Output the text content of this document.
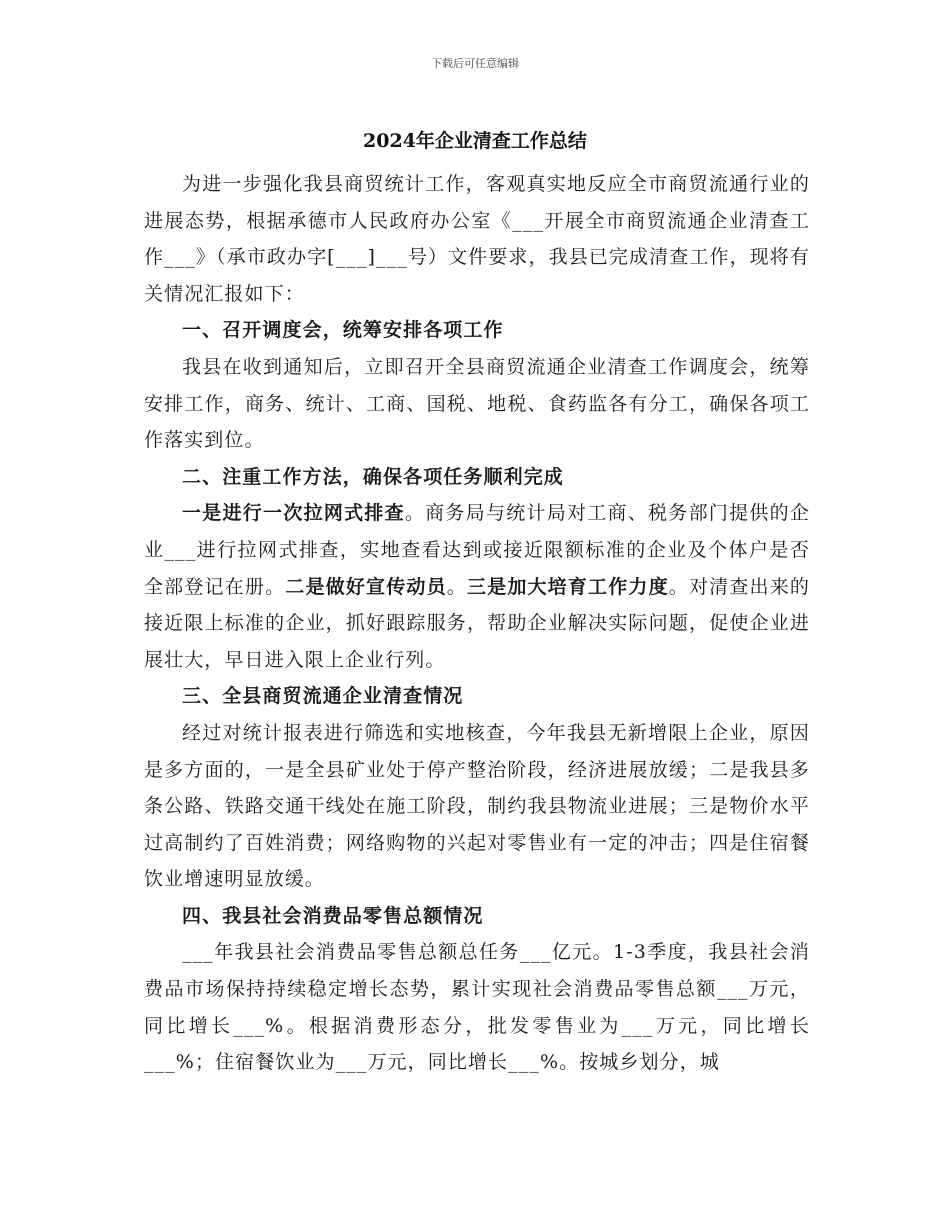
下载后可任意编辑
2024年企业清查工作总结

为进一步强化我县商贸统计工作，客观真实地反应全市商贸流通行业的进展态势，根据承德市人民政府办公室《___开展全市商贸流通企业清查工作___》（承市政办字[___]___号）文件要求，我县已完成清查工作，现将有关情况汇报如下：

一、召开调度会，统筹安排各项工作

我县在收到通知后，立即召开全县商贸流通企业清查工作调度会，统筹安排工作，商务、统计、工商、国税、地税、食药监各有分工，确保各项工作落实到位。

二、注重工作方法，确保各项任务顺利完成

一是进行一次拉网式排查。商务局与统计局对工商、税务部门提供的企业___进行拉网式排查，实地查看达到或接近限额标准的企业及个体户是否全部登记在册。二是做好宣传动员。三是加大培育工作力度。对清查出来的接近限上标准的企业，抓好跟踪服务，帮助企业解决实际问题，促使企业进展壮大，早日进入限上企业行列。

三、全县商贸流通企业清查情况

经过对统计报表进行筛选和实地核查，今年我县无新增限上企业，原因是多方面的，一是全县矿业处于停产整治阶段，经济进展放缓；二是我县多条公路、铁路交通干线处在施工阶段，制约我县物流业进展；三是物价水平过高制约了百姓消费；网络购物的兴起对零售业有一定的冲击；四是住宿餐饮业增速明显放缓。

四、我县社会消费品零售总额情况

___年我县社会消费品零售总额总任务___亿元。1-3季度，我县社会消费品市场保持持续稳定增长态势，累计实现社会消费品零售总额___万元，同比增长___%。根据消费形态分，批发零售业为___万元，同比增长___%；住宿餐饮业为___万元，同比增长___%。按城乡划分，城
